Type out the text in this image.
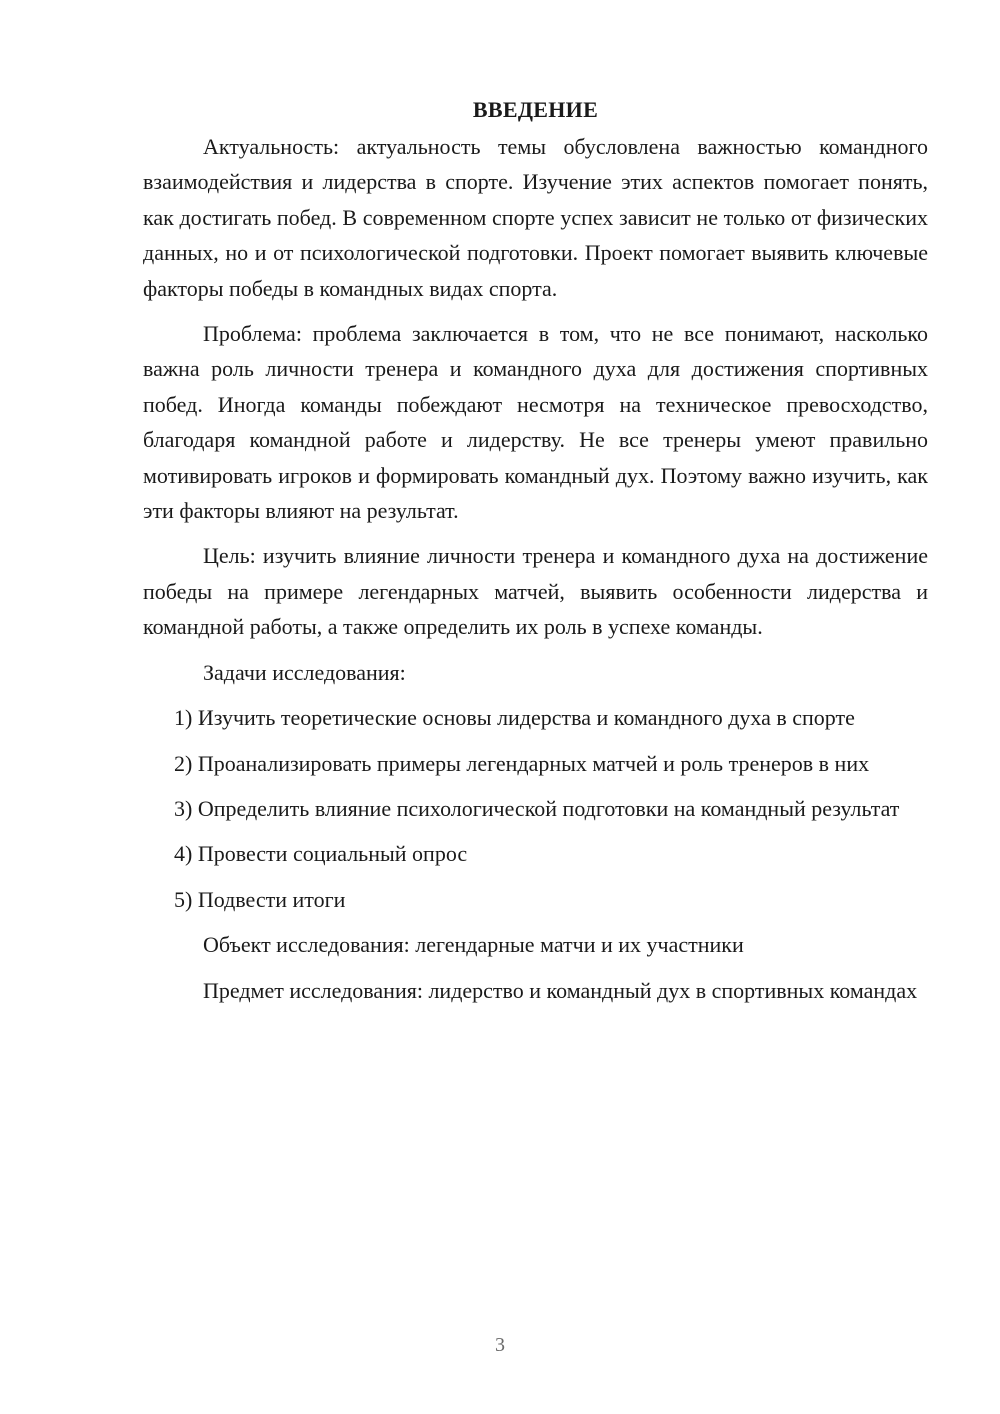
ВВЕДЕНИЕ

Актуальность: актуальность темы обусловлена важностью командного взаимодействия и лидерства в спорте. Изучение этих аспектов помогает понять, как достигать побед. В современном спорте успех зависит не только от физических данных, но и от психологической подготовки. Проект помогает выявить ключевые факторы победы в командных видах спорта.

Проблема: проблема заключается в том, что не все понимают, насколько важна роль личности тренера и командного духа для достижения спортивных побед. Иногда команды побеждают несмотря на техническое превосходство, благодаря командной работе и лидерству. Не все тренеры умеют правильно мотивировать игроков и формировать командный дух. Поэтому важно изучить, как эти факторы влияют на результат.

Цель: изучить влияние личности тренера и командного духа на достижение победы на примере легендарных матчей, выявить особенности лидерства и командной работы, а также определить их роль в успехе команды.

Задачи исследования:

1) Изучить теоретические основы лидерства и командного духа в спорте

2) Проанализировать примеры легендарных матчей и роль тренеров в них

3) Определить влияние психологической подготовки на командный результат

4) Провести социальный опрос

5) Подвести итоги

Объект исследования: легендарные матчи и их участники

Предмет исследования: лидерство и командный дух в спортивных командах

3
